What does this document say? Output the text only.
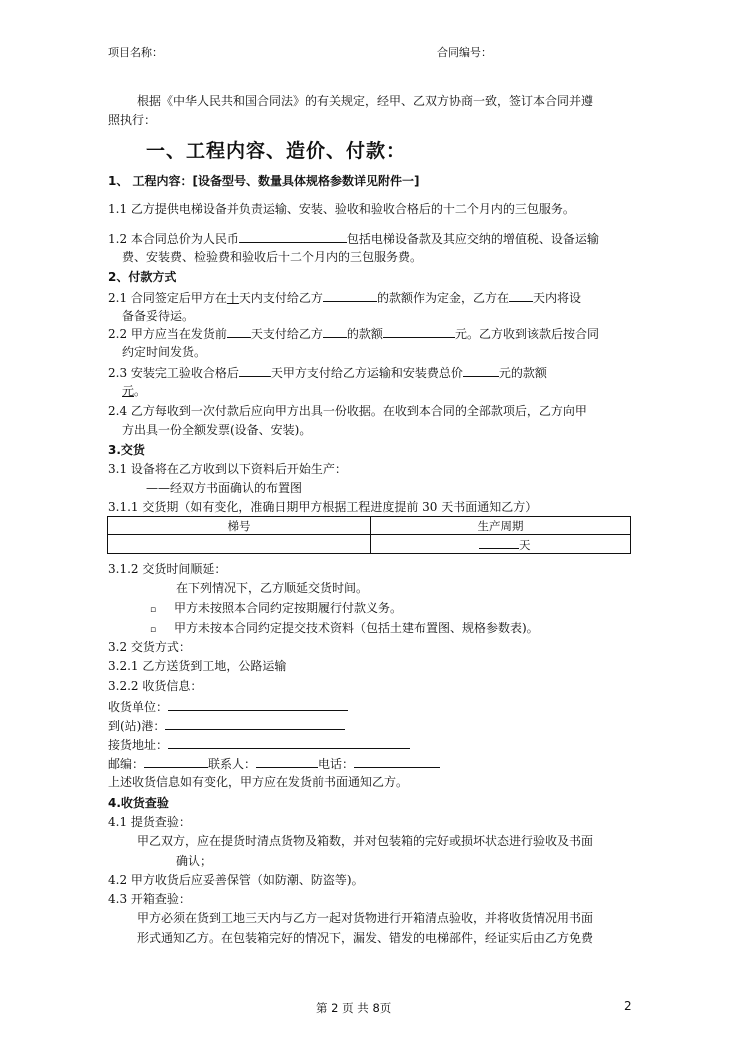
项目名称：	合同编号：
根据《中华人民共和国合同法》的有关规定，经甲、乙双方协商一致，签订本合同并遵
照执行：
一、工程内容、造价、付款：
1、 工程内容：[设备型号、数量具体规格参数详见附件一]
1.1 乙方提供电梯设备并负责运输、安装、验收和验收合格后的十二个月内的三包服务。
1.2 本合同总价为人民币	包括电梯设备款及其应交纳的增值税、设备运输
费、安装费、检验费和验收后十二个月内的三包服务费。
2、付款方式
2.1 合同签定后甲方在十天内支付给乙方	的款额作为定金，乙方在 天内将设
备备妥待运。
2.2 甲方应当在发货前 天支付给乙方 的款额	元。乙方收到该款后按合同
约定时间发货。
2.3 安装完工验收合格后	天甲方支付给乙方运输和安装费总价	元的款额
元。
2.4 乙方每收到一次付款后应向甲方出具一份收据。在收到本合同的全部款项后，乙方向甲
方出具一份全额发票(设备、安装)。
3.交货
3.1 设备将在乙方收到以下资料后开始生产：
——经双方书面确认的布置图
3.1.1 交货期（如有变化，准确日期甲方根据工程进度提前 30 天书面通知乙方）
梯号	生产周期
	天
3.1.2 交货时间顺延：
在下列情况下，乙方顺延交货时间。
▫ 甲方未按照本合同约定按期履行付款义务。
▫ 甲方未按本合同约定提交技术资料（包括土建布置图、规格参数表)。
3.2 交货方式：
3.2.1 乙方送货到工地，公路运输
3.2.2 收货信息：
收货单位：
到(站)港：
接货地址：
邮编：	联系人：	电话：
上述收货信息如有变化，甲方应在发货前书面通知乙方。
4.收货查验
4.1 提货查验：
甲乙双方，应在提货时清点货物及箱数，并对包装箱的完好或损坏状态进行验收及书面
确认；
4.2 甲方收货后应妥善保管（如防潮、防盗等)。
4.3 开箱查验：
甲方必须在货到工地三天内与乙方一起对货物进行开箱清点验收，并将收货情况用书面
形式通知乙方。在包装箱完好的情况下，漏发、错发的电梯部件，经证实后由乙方免费
第 2 页 共 8页	2
